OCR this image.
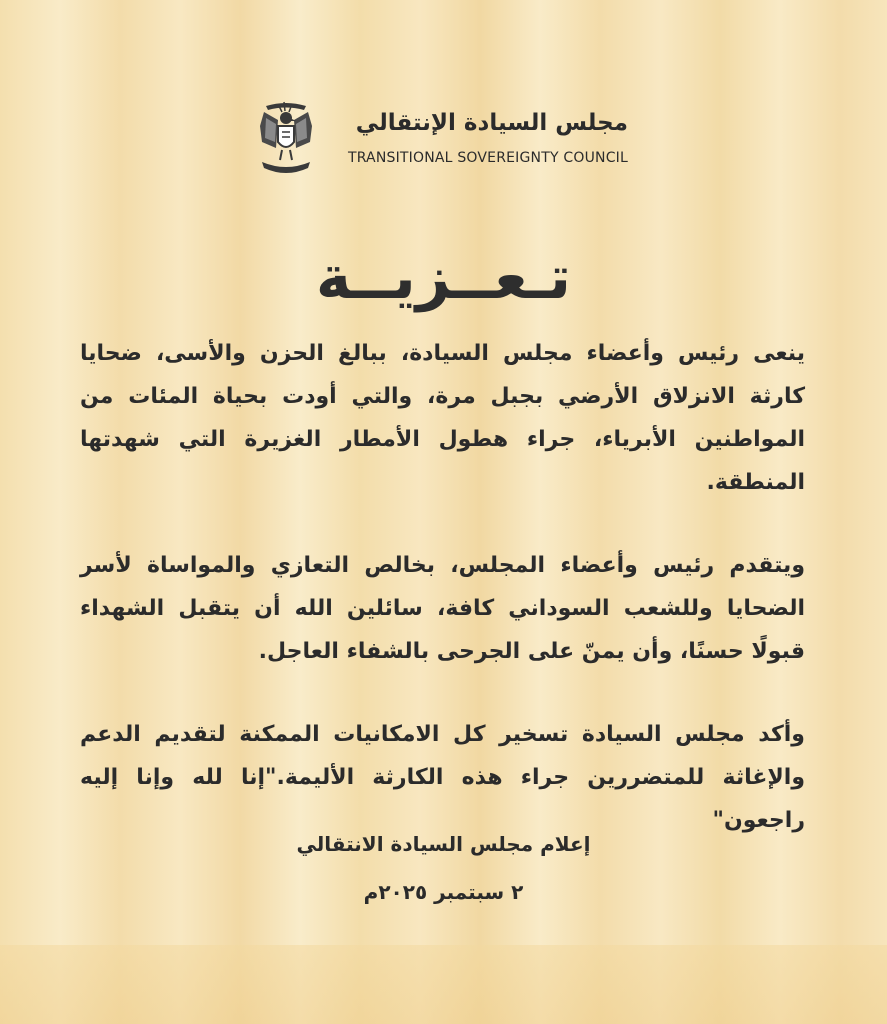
مجلس السيادة الإنتقالي
TRANSITIONAL SOVEREIGNTY COUNCIL
تـعــزيــة

ينعى رئيس وأعضاء مجلس السيادة، ببالغ الحزن والأسى، ضحايا كارثة الانزلاق الأرضي بجبل مرة، والتي أودت بحياة المئات من المواطنين الأبرياء، جراء هطول الأمطار الغزيرة التي شهدتها المنطقة.

ويتقدم رئيس وأعضاء المجلس، بخالص التعازي والمواساة لأسر الضحايا وللشعب السوداني كافة، سائلين الله أن يتقبل الشهداء قبولًا حسنًا، وأن يمنّ على الجرحى بالشفاء العاجل.

وأكد مجلس السيادة تسخير كل الامكانيات الممكنة لتقديم الدعم والإغاثة للمتضررين جراء هذه الكارثة الأليمة."إنا لله وإنا إليه راجعون"

إعلام مجلس السيادة الانتقالي
٢ سبتمبر ٢٠٢٥م
